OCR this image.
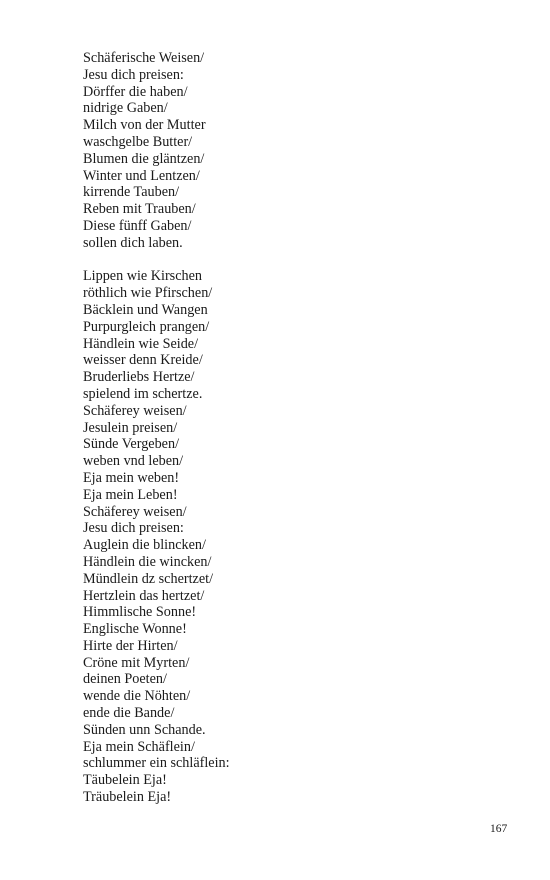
Schäferische Weisen/
Jesu dich preisen:
Dörffer die haben/
nidrige Gaben/
Milch von der Mutter
waschgelbe Butter/
Blumen die gläntzen/
Winter und Lentzen/
kirrende Tauben/
Reben mit Trauben/
Diese fünff Gaben/
sollen dich laben.
Lippen wie Kirschen
röthlich wie Pfirschen/
Bäcklein und Wangen
Purpurgleich prangen/
Händlein wie Seide/
weisser denn Kreide/
Bruderliebs Hertze/
spielend im schertze.
Schäferey weisen/
Jesulein preisen/
Sünde Vergeben/
weben vnd leben/
Eja mein weben!
Eja mein Leben!
Schäferey weisen/
Jesu dich preisen:
Auglein die blincken/
Händlein die wincken/
Mündlein dz schertzet/
Hertzlein das hertzet/
Himmlische Sonne!
Englische Wonne!
Hirte der Hirten/
Cröne mit Myrten/
deinen Poeten/
wende die Nöhten/
ende die Bande/
Sünden unn Schande.
Eja mein Schäflein/
schlummer ein schläflein:
Täubelein Eja!
Träubelein Eja!
167
